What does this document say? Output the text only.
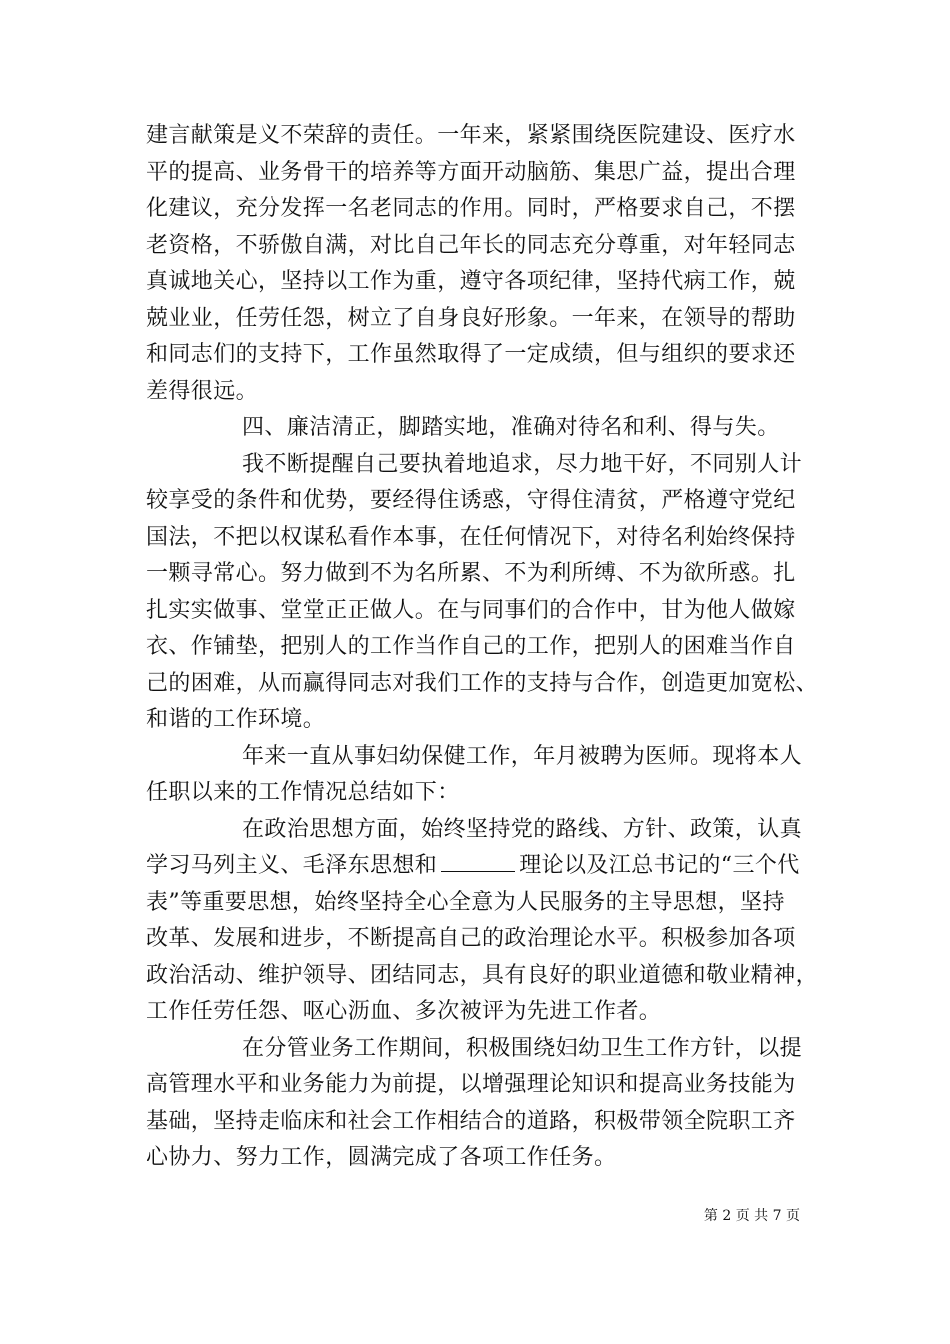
建言献策是义不荣辞的责任。一年来，紧紧围绕医院建设、医疗水
平的提高、业务骨干的培养等方面开动脑筋、集思广益，提出合理
化建议，充分发挥一名老同志的作用。同时，严格要求自己，不摆
老资格，不骄傲自满，对比自己年长的同志充分尊重，对年轻同志
真诚地关心，坚持以工作为重，遵守各项纪律，坚持代病工作，兢
兢业业，任劳任怨，树立了自身良好形象。一年来，在领导的帮助
和同志们的支持下，工作虽然取得了一定成绩，但与组织的要求还
差得很远。
四、廉洁清正，脚踏实地，准确对待名和利、得与失。
我不断提醒自己要执着地追求，尽力地干好，不同别人计
较享受的条件和优势，要经得住诱惑，守得住清贫，严格遵守党纪
国法，不把以权谋私看作本事，在任何情况下，对待名利始终保持
一颗寻常心。努力做到不为名所累、不为利所缚、不为欲所惑。扎
扎实实做事、堂堂正正做人。在与同事们的合作中，甘为他人做嫁
衣、作铺垫，把别人的工作当作自己的工作，把别人的困难当作自
己的困难，从而赢得同志对我们工作的支持与合作，创造更加宽松、
和谐的工作环境。
年来一直从事妇幼保健工作，年月被聘为医师。现将本人
任职以来的工作情况总结如下：
在政治思想方面，始终坚持党的路线、方针、政策，认真
学习马列主义、毛泽东思想和	理论以及江总书记的“三个代
表”等重要思想，始终坚持全心全意为人民服务的主导思想，坚持
改革、发展和进步，不断提高自己的政治理论水平。积极参加各项
政治活动、维护领导、团结同志，具有良好的职业道德和敬业精神，
工作任劳任怨、呕心沥血、多次被评为先进工作者。
在分管业务工作期间，积极围绕妇幼卫生工作方针，以提
高管理水平和业务能力为前提，以增强理论知识和提高业务技能为
基础，坚持走临床和社会工作相结合的道路，积极带领全院职工齐
心协力、努力工作，圆满完成了各项工作任务。
第 2 页 共 7 页
